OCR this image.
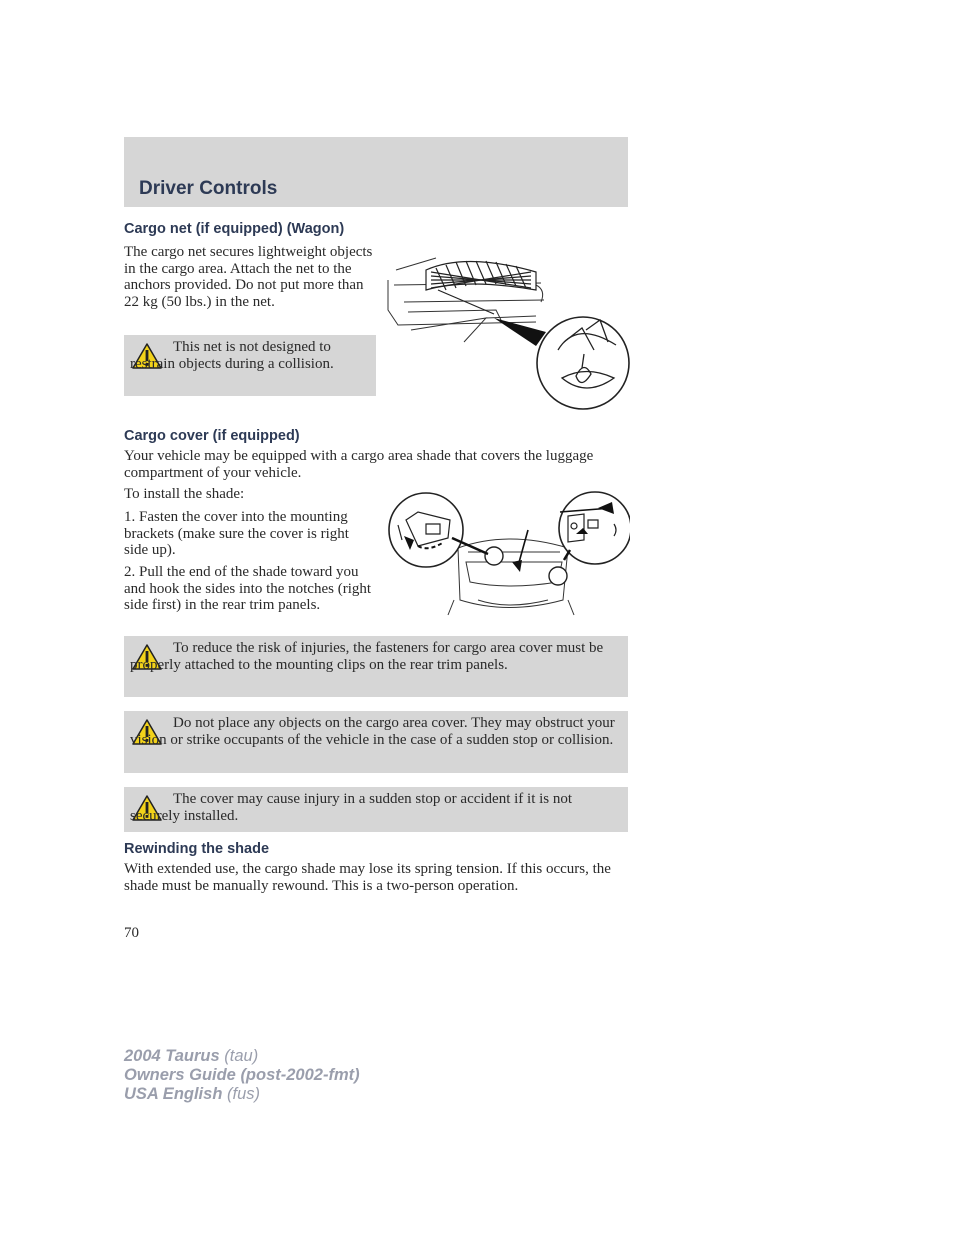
Driver Controls
Cargo net (if equipped) (Wagon)
The cargo net secures lightweight objects in the cargo area. Attach the net to the anchors provided. Do not put more than 22 kg (50 lbs.) in the net.
This net is not designed to restrain objects during a collision.
Cargo cover (if equipped)
Your vehicle may be equipped with a cargo area shade that covers the luggage compartment of your vehicle.
To install the shade:
1. Fasten the cover into the mounting brackets (make sure the cover is right side up).
2. Pull the end of the shade toward you and hook the sides into the notches (right side first) in the rear trim panels.
To reduce the risk of injuries, the fasteners for cargo area cover must be properly attached to the mounting clips on the rear trim panels.
Do not place any objects on the cargo area cover. They may obstruct your vision or strike occupants of the vehicle in the case of a sudden stop or collision.
The cover may cause injury in a sudden stop or accident if it is not securely installed.
Rewinding the shade
With extended use, the cargo shade may lose its spring tension. If this occurs, the shade must be manually rewound. This is a two-person operation.
70
2004 Taurus (tau)
Owners Guide (post-2002-fmt)
USA English (fus)
